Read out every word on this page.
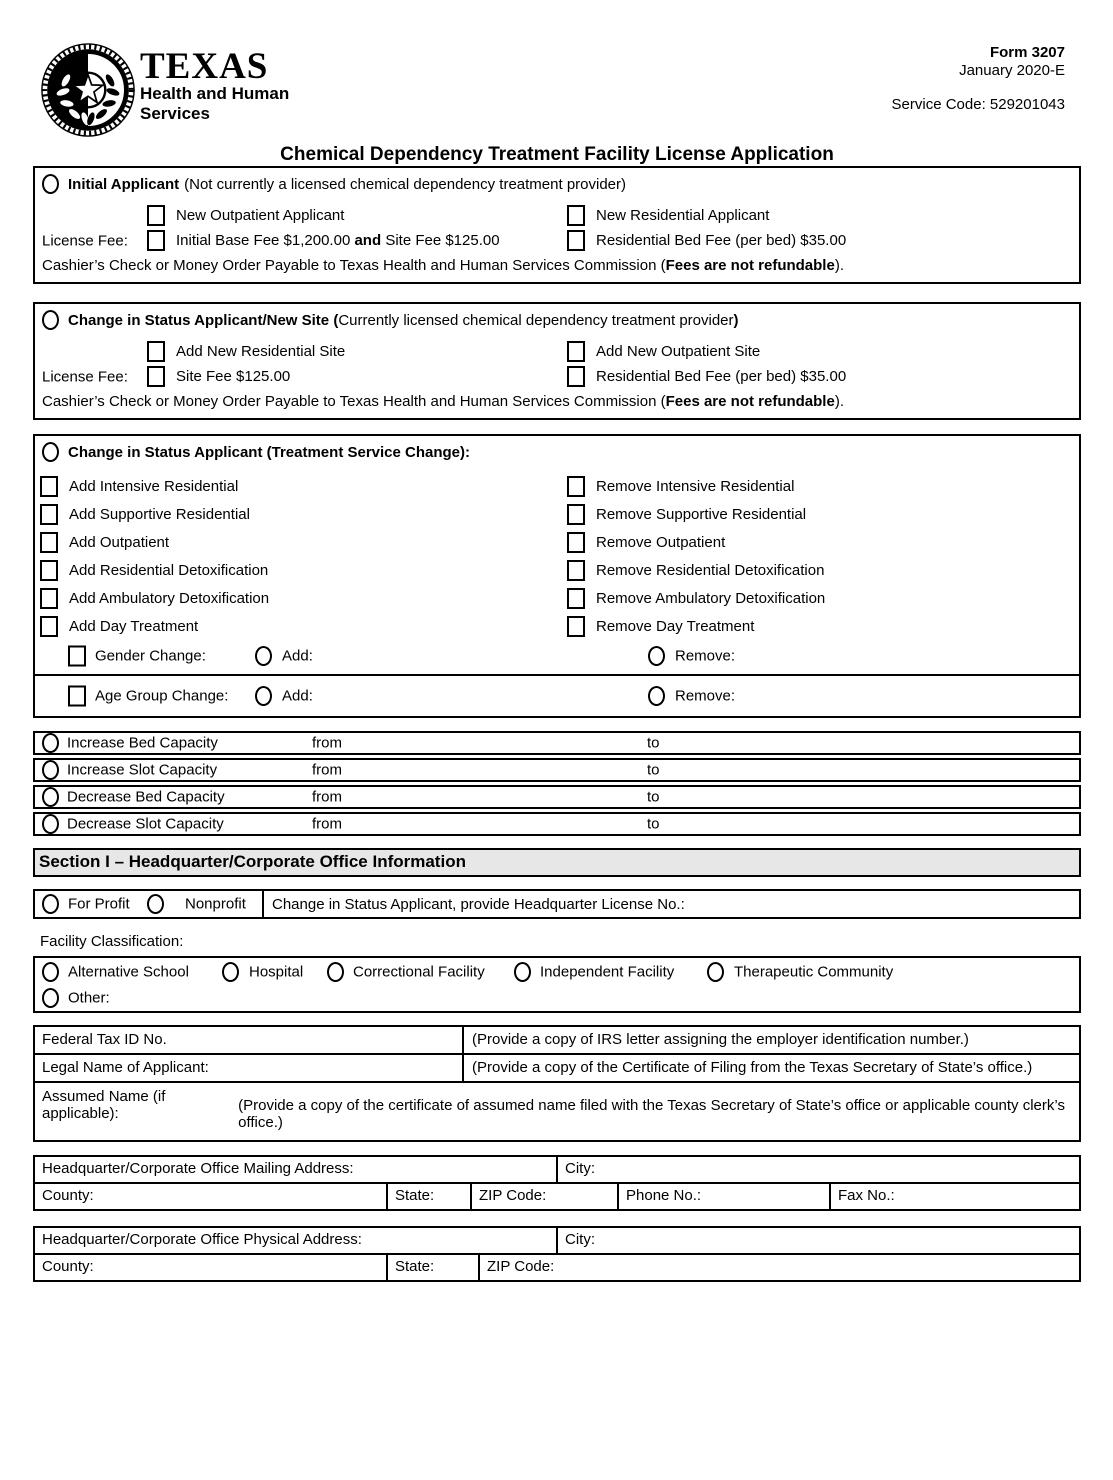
TEXAS
Health and Human
Services
Form 3207
January 2020-E
Service Code: 529201043
Chemical Dependency Treatment Facility License Application
Initial Applicant (Not currently a licensed chemical dependency treatment provider)
New Outpatient Applicant	New Residential Applicant
License Fee:	Initial Base Fee $1,200.00 and Site Fee $125.00	Residential Bed Fee (per bed) $35.00
Cashier’s Check or Money Order Payable to Texas Health and Human Services Commission (Fees are not refundable).
Change in Status Applicant/New Site (Currently licensed chemical dependency treatment provider)
Add New Residential Site	Add New Outpatient Site
License Fee:	Site Fee $125.00	Residential Bed Fee (per bed) $35.00
Cashier’s Check or Money Order Payable to Texas Health and Human Services Commission (Fees are not refundable).
Change in Status Applicant (Treatment Service Change):
Add Intensive Residential	Remove Intensive Residential
Add Supportive Residential	Remove Supportive Residential
Add Outpatient	Remove Outpatient
Add Residential Detoxification	Remove Residential Detoxification
Add Ambulatory Detoxification	Remove Ambulatory Detoxification
Add Day Treatment	Remove Day Treatment
Gender Change:	Add:	Remove:
Age Group Change:	Add:	Remove:
Increase Bed Capacity	from	to
Increase Slot Capacity	from	to
Decrease Bed Capacity	from	to
Decrease Slot Capacity	from	to
Section I – Headquarter/Corporate Office Information
For Profit	Nonprofit Change in Status Applicant, provide Headquarter License No.:
Facility Classification:
Alternative School	Hospital	Correctional Facility	Independent Facility	Therapeutic Community
Other:
Federal Tax ID No.	(Provide a copy of IRS letter assigning the employer identification number.)
Legal Name of Applicant:	(Provide a copy of the Certificate of Filing from the Texas Secretary of State’s office.)
Assumed Name (if applicable):	(Provide a copy of the certificate of assumed name filed with the Texas Secretary of State’s office or applicable county clerk’s office.)
Headquarter/Corporate Office Mailing Address:	City:
County:	State:	ZIP Code:	Phone No.:	Fax No.:
Headquarter/Corporate Office Physical Address:	City:
County:	State:	ZIP Code:
